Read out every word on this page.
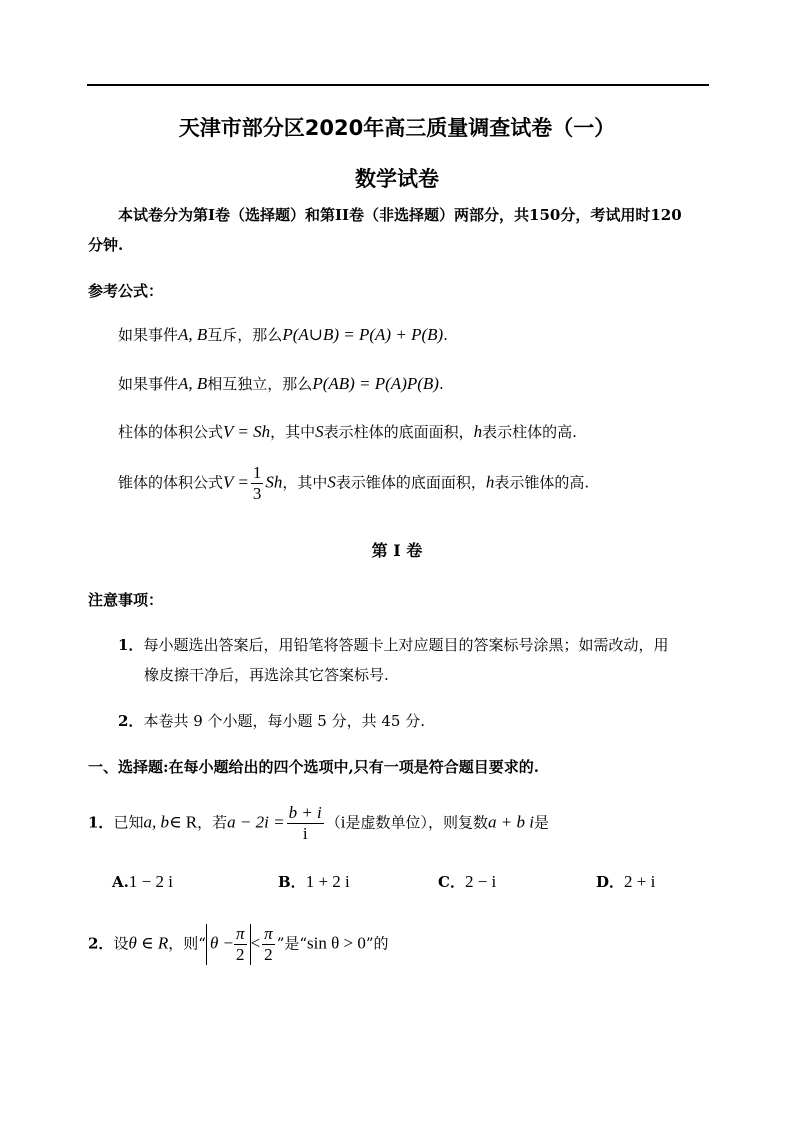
天津市部分区2020年高三质量调查试卷（一）
数学试卷
本试卷分为第I卷（选择题）和第II卷（非选择题）两部分，共150分，考试用时120
分钟.
参考公式：
如果事件A, B互斥，那么P(A∪B) = P(A) + P(B).
如果事件A, B相互独立，那么P(AB) = P(A)P(B).
柱体的体积公式V = Sh，其中S表示柱体的底面面积，h表示柱体的高.
锥体的体积公式$V = \frac{1}{3}$ Sh，其中S表示锥体的底面面积，h表示锥体的高.
第 I 卷
注意事项：
1．每小题选出答案后，用铅笔将答题卡上对应题目的答案标号涂黑；如需改动，用
橡皮擦干净后，再选涂其它答案标号.
2．本卷共 9 个小题，每小题 5 分，共 45 分.
一、选择题:在每小题给出的四个选项中,只有一项是符合题目要求的.
1．已知a, b∈ R，若$a - 2i = \frac{b + i}{i} (i$是虚数单位），则复数a + b i是
A.1 − 2 i	B．1 + 2 i	C．2 − i	D．2 + i
2．设θ ∈ R，则“ $\theta - \frac{\pi}{2} < \frac{\pi}{2}$ ”是“sin θ > 0”的
